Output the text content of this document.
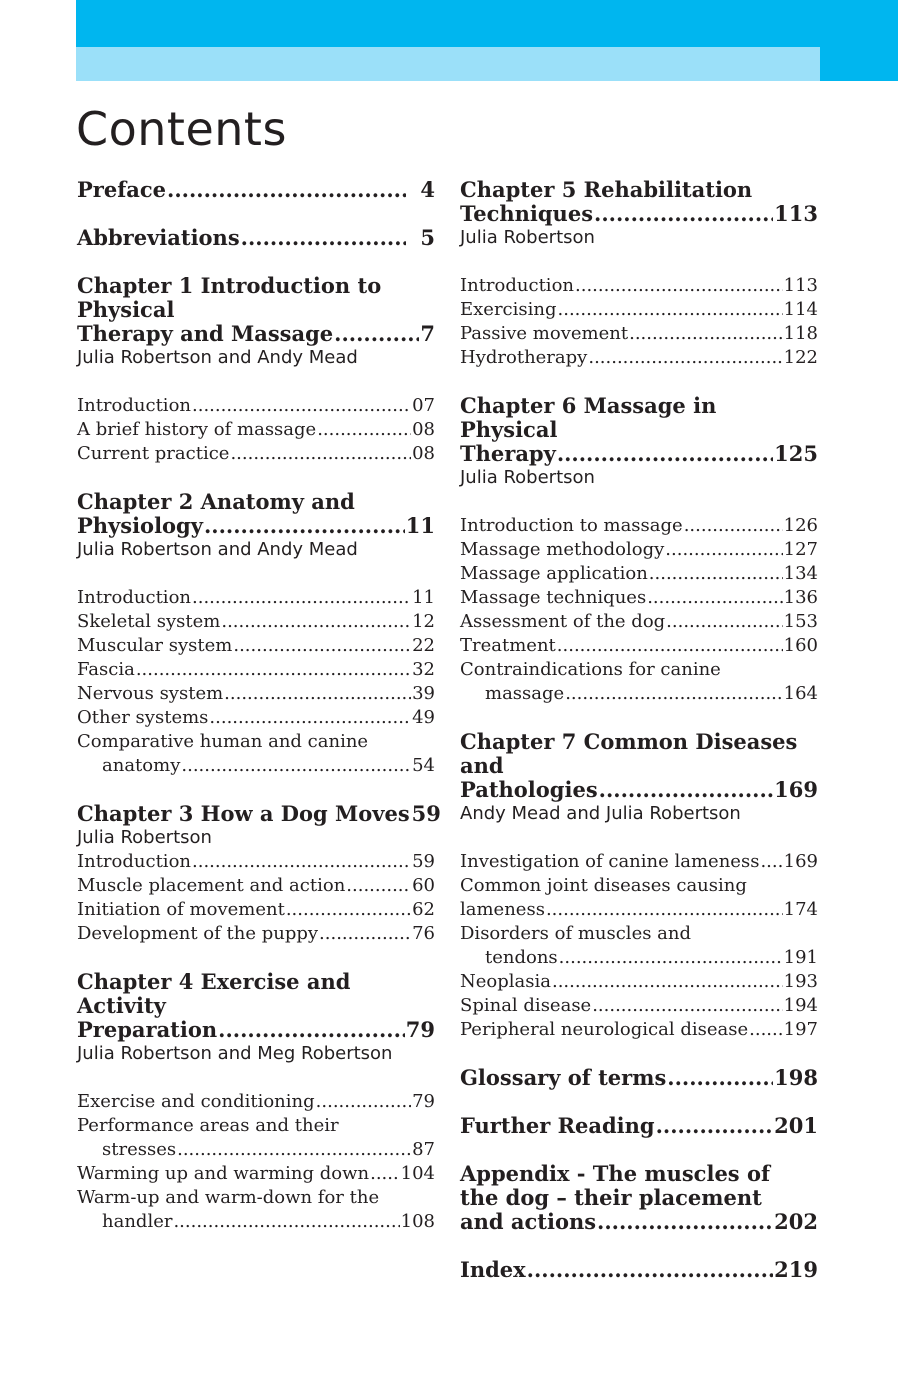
Contents
Preface .....	4
Abbreviations .....	5
Chapter 1 Introduction to Physical
Therapy and Massage .....	7
Julia Robertson and Andy Mead
Introduction .....	07
A brief history of massage .....	08
Current practice .....	08
Chapter 2 Anatomy and
Physiology .....	11
Julia Robertson and Andy Mead
Introduction .....	11
Skeletal system .....	12
Muscular system .....	22
Fascia .....	32
Nervous system .....	39
Other systems .....	49
Comparative human and canine
anatomy .....	54
Chapter 3 How a Dog Moves 59
Julia Robertson
Introduction .....	59
Muscle placement and action .....	60
Initiation of movement .....	62
Development of the puppy .....	76
Chapter 4 Exercise and Activity
Preparation .....	79
Julia Robertson and Meg Robertson
Exercise and conditioning .....	79
Performance areas and their
stresses .....	87
Warming up and warming down ..... 104
Warm-up and warm-down for the
handler .....	108
Chapter 5 Rehabilitation
Techniques .....	113
Julia Robertson
Introduction .....	113
Exercising .....	114
Passive movement .....	118
Hydrotherapy .....	122
Chapter 6 Massage in Physical
Therapy .....	125
Julia Robertson
Introduction to massage .....	126
Massage methodology .....	127
Massage application .....	134
Massage techniques .....	136
Assessment of the dog .....	153
Treatment .....	160
Contraindications for canine
massage .....	164
Chapter 7 Common Diseases and
Pathologies .....	169
Andy Mead and Julia Robertson
Investigation of canine lameness ..... 169
Common joint diseases causing
lameness .....	174
Disorders of muscles and
tendons .....	191
Neoplasia .....	193
Spinal disease .....	194
Peripheral neurological disease ..... 197
Glossary of terms .....	198
Further Reading .....	201
Appendix - The muscles of
the dog – their placement
and actions .....	202
Index .....	219
